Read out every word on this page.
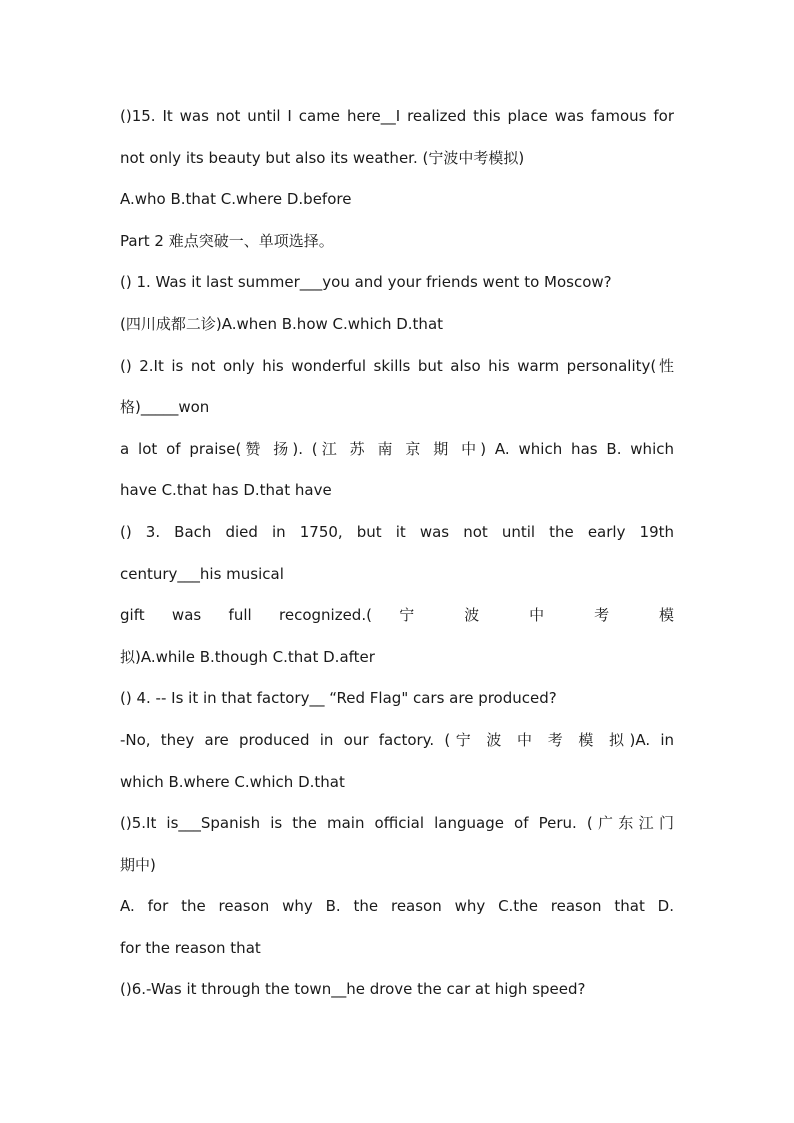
()15. It was not until I came here__I realized this place was famous for
not only its beauty but also its weather. (宁波中考模拟)
A.who B.that C.where D.before
Part 2 难点突破一、单项选择。
() 1. Was it last summer___you and your friends went to Moscow?
(四川成都二诊)A.when B.how C.which D.that
() 2.It is not only his wonderful skills but also his warm personality(性
格)_____won
a lot of praise(赞 扬). (江 苏 南 京 期 中) A. which has B. which
have C.that has D.that have
() 3. Bach died in 1750, but it was not until the early 19th
century___his musical
gift was full recognized.( 宁 波 中 考 模
拟)A.while B.though C.that D.after
() 4. -- Is it in that factory__ “Red Flag" cars are produced?
-No, they are produced in our factory. (宁 波 中 考 模 拟)A. in
which B.where C.which D.that
()5.It is___Spanish is the main official language of Peru. (广东江门
期中)
A. for the reason why B. the reason why C.the reason that D.
for the reason that
()6.-Was it through the town__he drove the car at high speed?
